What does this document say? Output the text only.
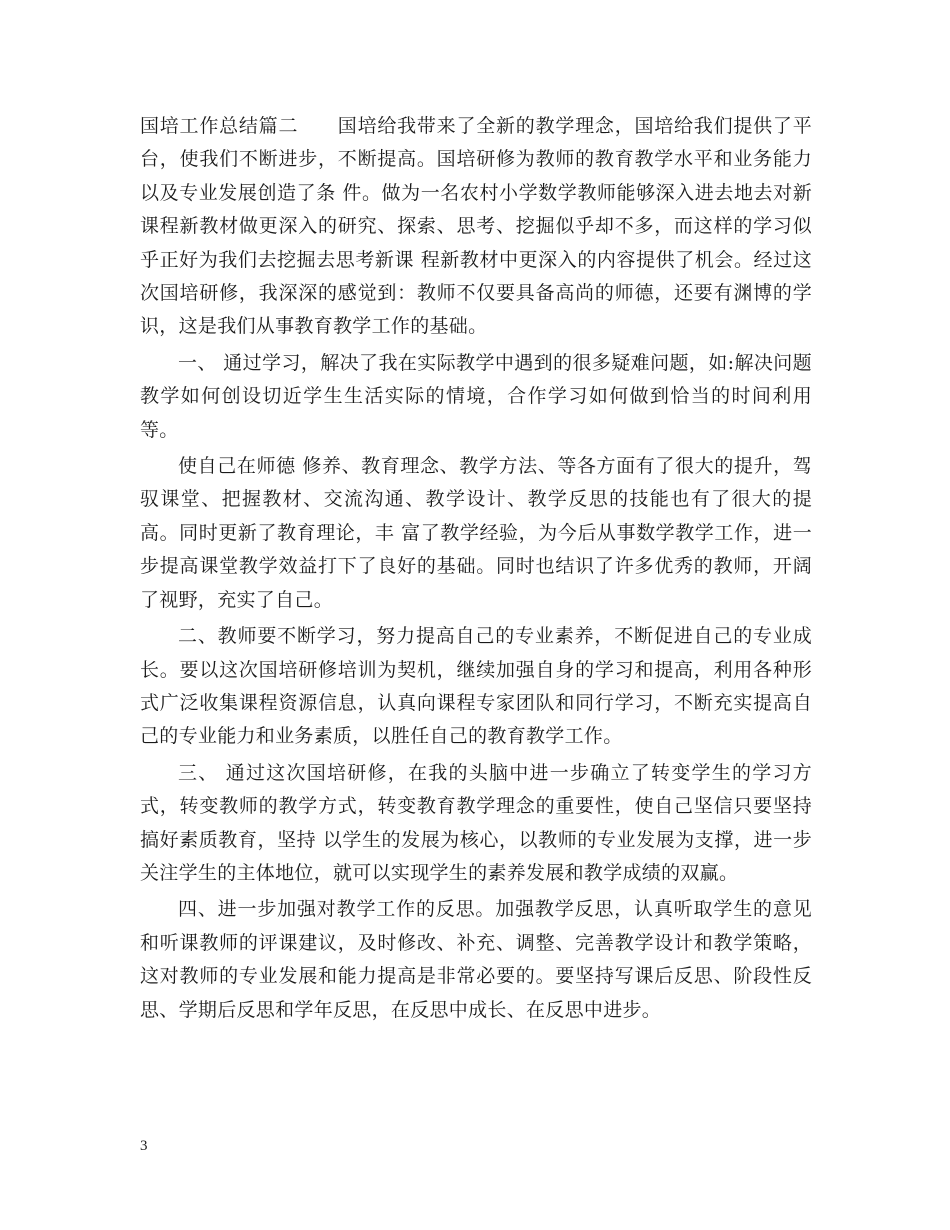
国培工作总结篇二　　国培给我带来了全新的教学理念，国培给我们提供了平台，使我们不断进步，不断提高。国培研修为教师的教育教学水平和业务能力以及专业发展创造了条 件。做为一名农村小学数学教师能够深入进去地去对新课程新教材做更深入的研究、探索、思考、挖掘似乎却不多，而这样的学习似乎正好为我们去挖掘去思考新课 程新教材中更深入的内容提供了机会。经过这次国培研修，我深深的感觉到：教师不仅要具备高尚的师德，还要有渊博的学识，这是我们从事教育教学工作的基础。

一、 通过学习，解决了我在实际教学中遇到的很多疑难问题，如:解决问题教学如何创设切近学生生活实际的情境，合作学习如何做到恰当的时间利用等。

使自己在师德 修养、教育理念、教学方法、等各方面有了很大的提升，驾驭课堂、把握教材、交流沟通、教学设计、教学反思的技能也有了很大的提高。同时更新了教育理论，丰 富了教学经验，为今后从事数学教学工作，进一步提高课堂教学效益打下了良好的基础。同时也结识了许多优秀的教师，开阔了视野，充实了自己。

二、教师要不断学习，努力提高自己的专业素养，不断促进自己的专业成长。要以这次国培研修培训为契机，继续加强自身的学习和提高，利用各种形式广泛收集课程资源信息，认真向课程专家团队和同行学习，不断充实提高自己的专业能力和业务素质，以胜任自己的教育教学工作。

三、 通过这次国培研修，在我的头脑中进一步确立了转变学生的学习方式，转变教师的教学方式，转变教育教学理念的重要性，使自己坚信只要坚持搞好素质教育，坚持 以学生的发展为核心，以教师的专业发展为支撑，进一步关注学生的主体地位，就可以实现学生的素养发展和教学成绩的双赢。

四、进一步加强对教学工作的反思。加强教学反思，认真听取学生的意见和听课教师的评课建议，及时修改、补充、调整、完善教学设计和教学策略，这对教师的专业发展和能力提高是非常必要的。要坚持写课后反思、阶段性反思、学期后反思和学年反思，在反思中成长、在反思中进步。

3
